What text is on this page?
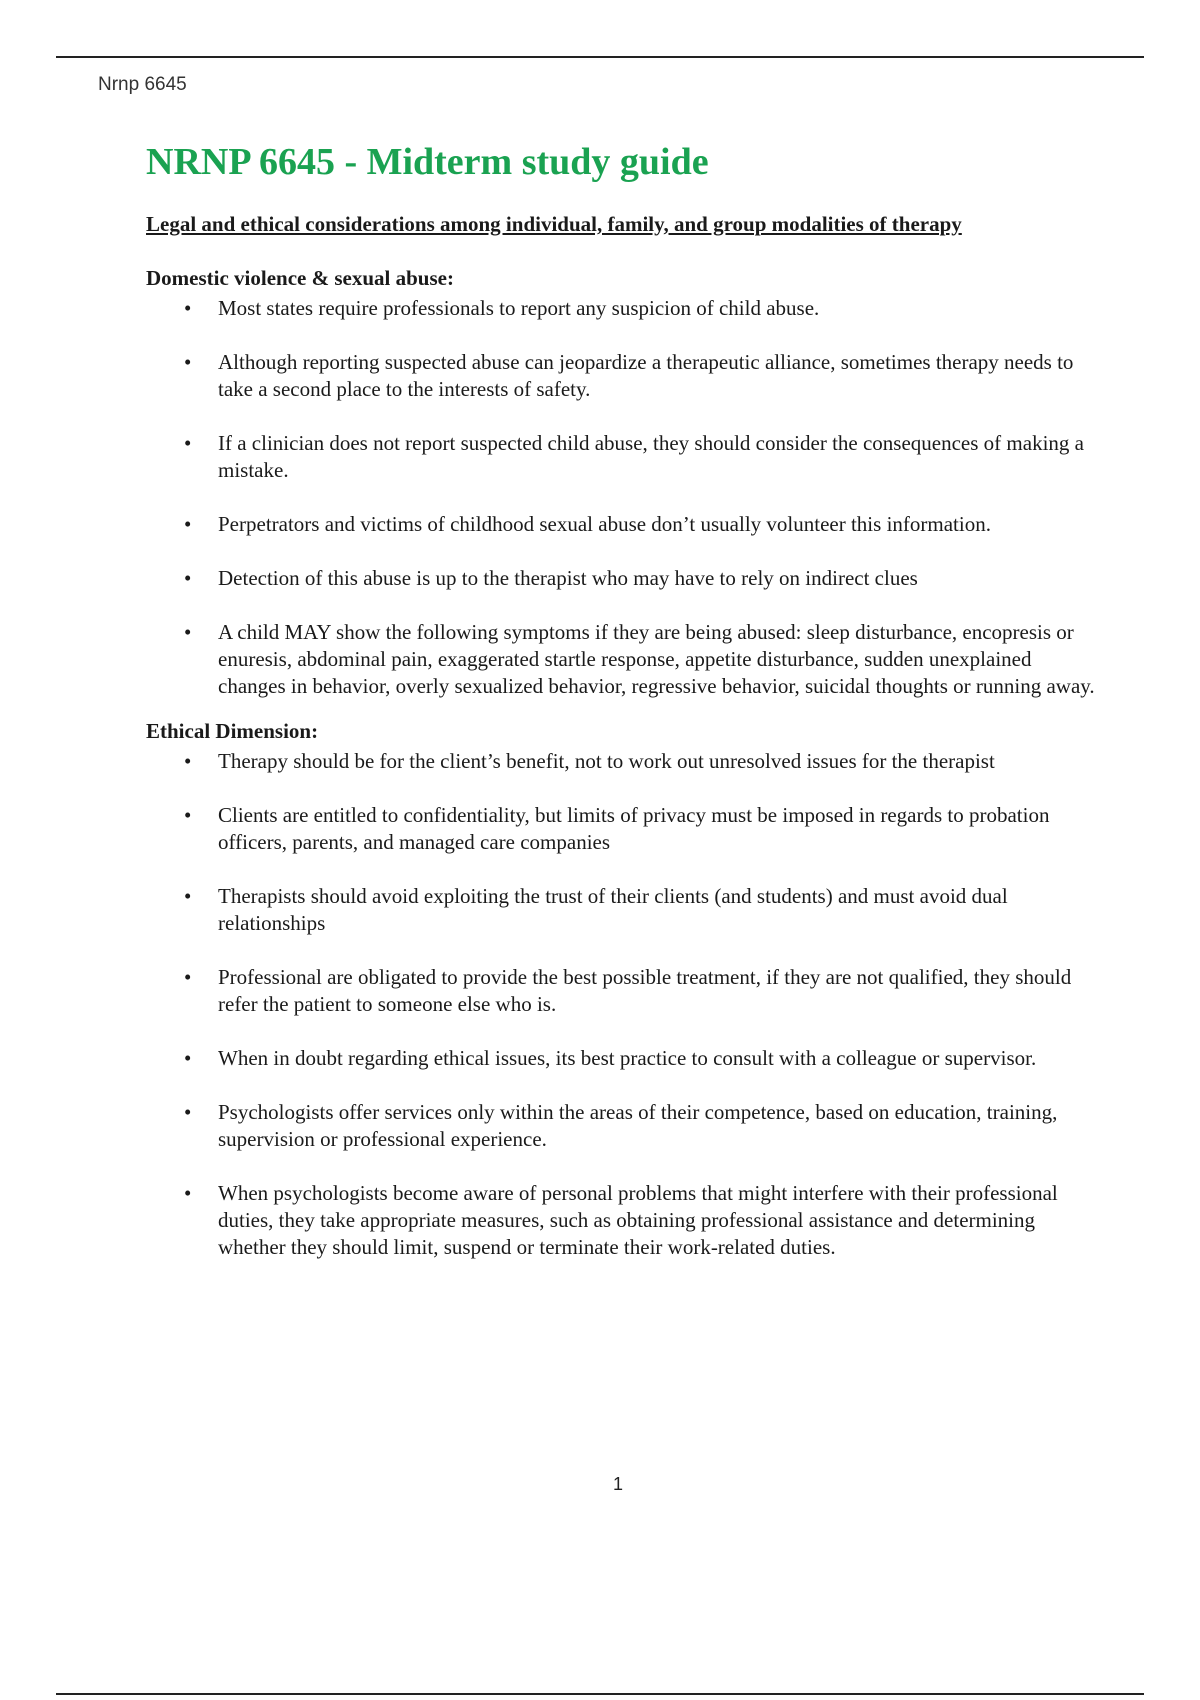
Nrnp 6645
NRNP 6645 - Midterm study guide
Legal and ethical considerations among individual, family, and group modalities of therapy
Domestic violence & sexual abuse:
• Most states require professionals to report any suspicion of child abuse.
• Although reporting suspected abuse can jeopardize a therapeutic alliance, sometimes therapy needs to take a second place to the interests of safety.
• If a clinician does not report suspected child abuse, they should consider the consequences of making a mistake.
• Perpetrators and victims of childhood sexual abuse don’t usually volunteer this information.
• Detection of this abuse is up to the therapist who may have to rely on indirect clues
• A child MAY show the following symptoms if they are being abused: sleep disturbance, encopresis or enuresis, abdominal pain, exaggerated startle response, appetite disturbance, sudden unexplained changes in behavior, overly sexualized behavior, regressive behavior, suicidal thoughts or running away.
Ethical Dimension:
• Therapy should be for the client’s benefit, not to work out unresolved issues for the therapist
• Clients are entitled to confidentiality, but limits of privacy must be imposed in regards to probation officers, parents, and managed care companies
• Therapists should avoid exploiting the trust of their clients (and students) and must avoid dual relationships
• Professional are obligated to provide the best possible treatment, if they are not qualified, they should refer the patient to someone else who is.
• When in doubt regarding ethical issues, its best practice to consult with a colleague or supervisor.
• Psychologists offer services only within the areas of their competence, based on education, training, supervision or professional experience.
• When psychologists become aware of personal problems that might interfere with their professional duties, they take appropriate measures, such as obtaining professional assistance and determining whether they should limit, suspend or terminate their work-related duties.
1
